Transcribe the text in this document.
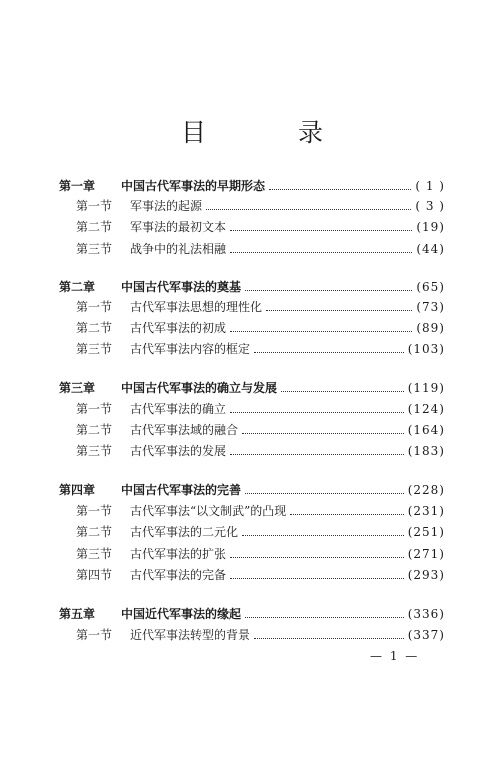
目 录
第一章	中国古代军事法的早期形态	( 1 )
第一节	军事法的起源	( 3 )
第二节	军事法的最初文本	(19)
第三节	战争中的礼法相融	(44)
第二章	中国古代军事法的奠基	(65)
第一节	古代军事法思想的理性化	(73)
第二节	古代军事法的初成	(89)
第三节	古代军事法内容的框定	(103)
第三章	中国古代军事法的确立与发展	(119)
第一节	古代军事法的确立	(124)
第二节	古代军事法域的融合	(164)
第三节	古代军事法的发展	(183)
第四章	中国古代军事法的完善	(228)
第一节	古代军事法“以文制武”的凸现	(231)
第二节	古代军事法的二元化	(251)
第三节	古代军事法的扩张	(271)
第四节	古代军事法的完备	(293)
第五章	中国近代军事法的缘起	(336)
第一节	近代军事法转型的背景	(337)
— 1 —
